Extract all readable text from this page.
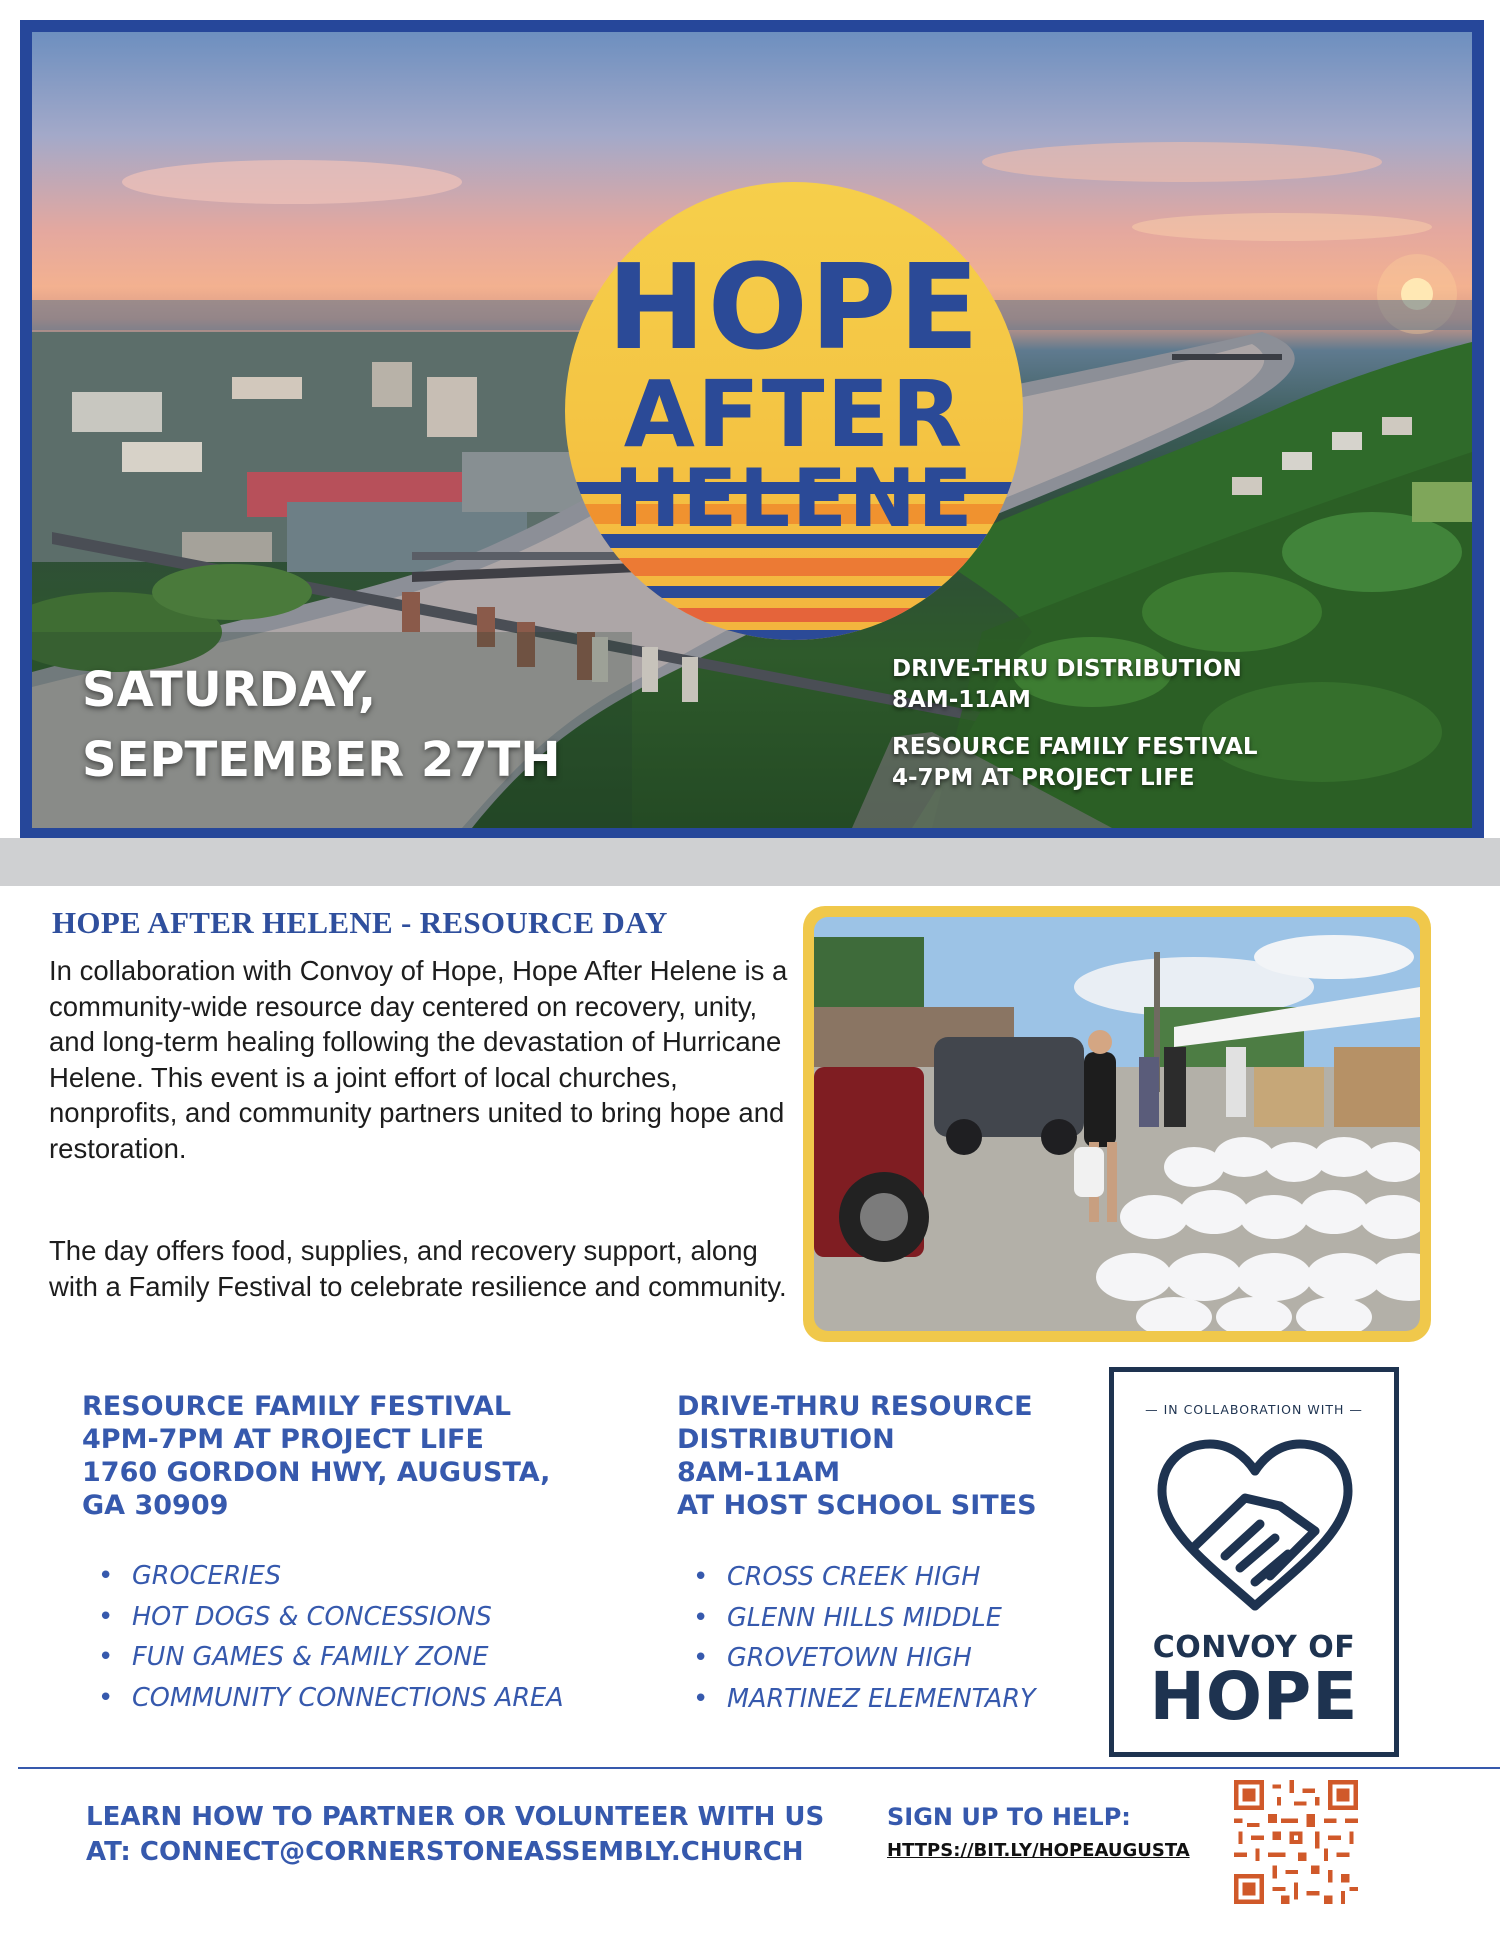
HOPE
AFTER
HELENE
SATURDAY,
SEPTEMBER 27TH
DRIVE-THRU DISTRIBUTION
8AM-11AM
RESOURCE FAMILY FESTIVAL
4-7PM AT PROJECT LIFE
HOPE AFTER HELENE - RESOURCE DAY

In collaboration with Convoy of Hope, Hope After Helene is a community-wide resource day centered on recovery, unity, and long-term healing following the devastation of Hurricane Helene. This event is a joint effort of local churches, nonprofits, and community partners united to bring hope and restoration.

The day offers food, supplies, and recovery support, along with a Family Festival to celebrate resilience and community.

RESOURCE FAMILY FESTIVAL
4PM-7PM AT PROJECT LIFE
1760 GORDON HWY, AUGUSTA,
GA 30909
• GROCERIES
• HOT DOGS & CONCESSIONS
• FUN GAMES & FAMILY ZONE
• COMMUNITY CONNECTIONS AREA
DRIVE-THRU RESOURCE
DISTRIBUTION
8AM-11AM
AT HOST SCHOOL SITES
• CROSS CREEK HIGH
• GLENN HILLS MIDDLE
• GROVETOWN HIGH
• MARTINEZ ELEMENTARY
— IN COLLABORATION WITH —
CONVOY OF
HOPE
LEARN HOW TO PARTNER OR VOLUNTEER WITH US
AT: CONNECT@CORNERSTONEASSEMBLY.CHURCH
SIGN UP TO HELP:
HTTPS://BIT.LY/HOPEAUGUSTA
